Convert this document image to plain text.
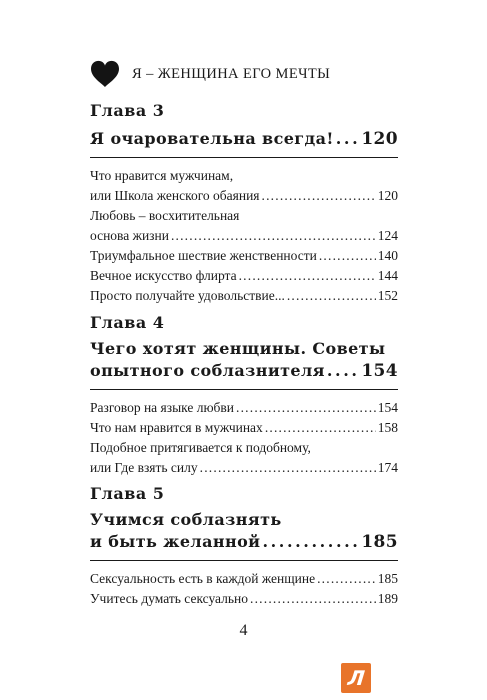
Я – ЖЕНЩИНА ЕГО МЕЧТЫ
Глава 3
Я очаровательна всегда! ..... 120
Что нравится мужчинам,
или Школа женского обаяния .....	120
Любовь – восхитительная
основа жизни .....	124
Триумфальное шествие женственности .....	140
Вечное искусство флирта .....	144
Просто получайте удовольствие... .....	152
Глава 4
Чего хотят женщины. Советы
опытного соблазнителя ..... 154
Разговор на языке любви .....	154
Что нам нравится в мужчинах .....	158
Подобное притягивается к подобному,
или Где взять силу .....	174
Глава 5
Учимся соблазнять
и быть желанной .....	185
Сексуальность есть в каждой женщине .....	185
Учитесь думать сексуально .....	189
4
Л
